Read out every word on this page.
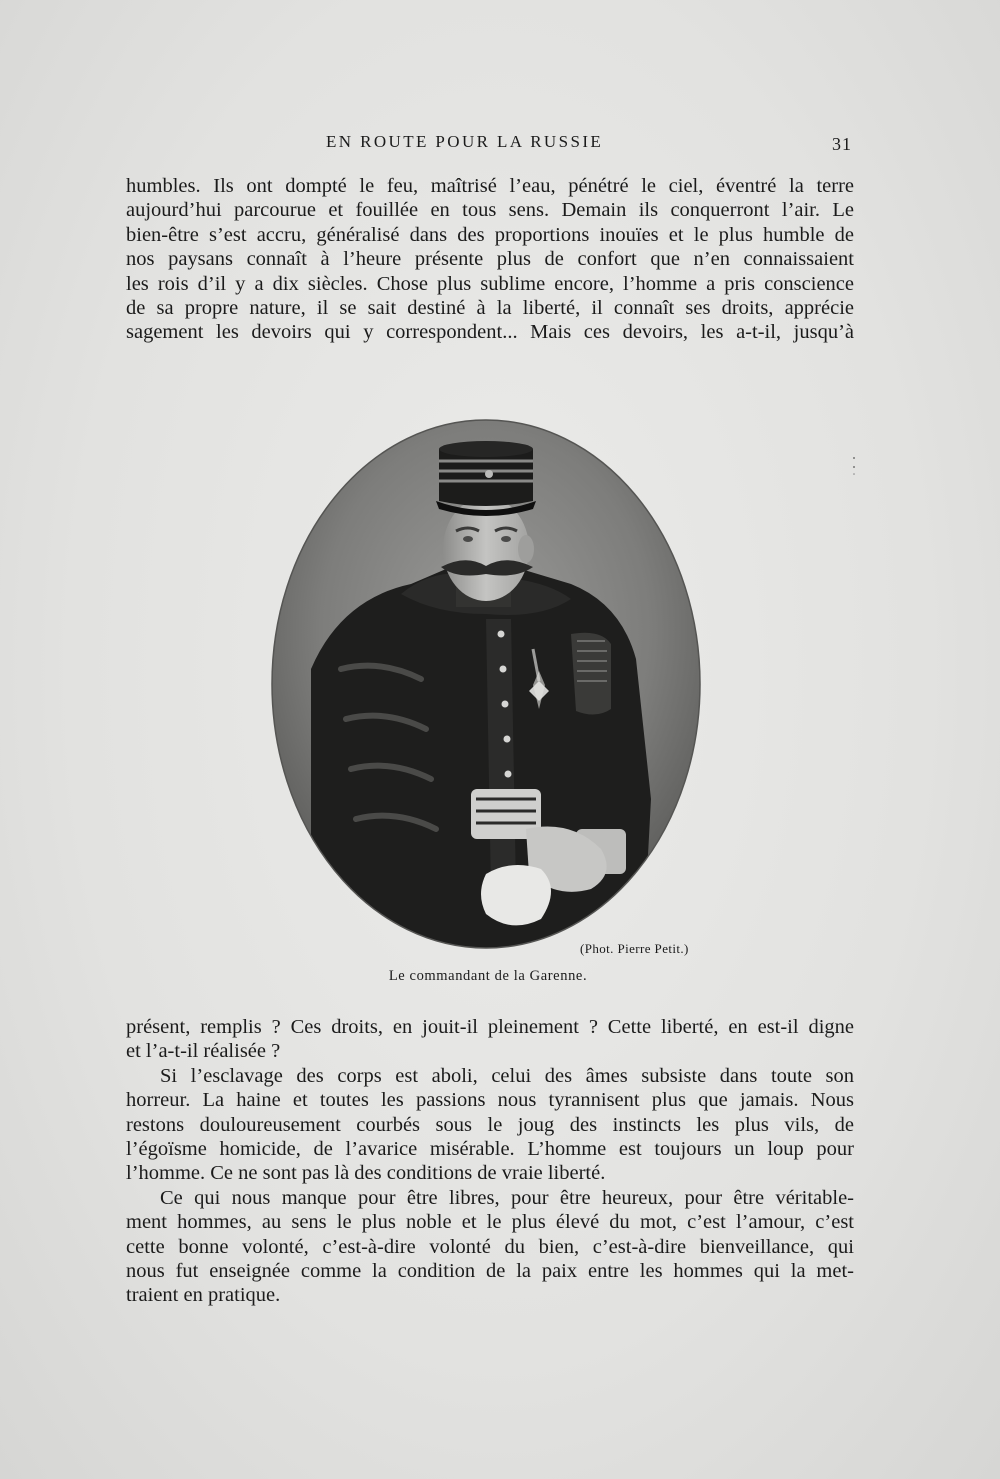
EN ROUTE POUR LA RUSSIE	31

humbles. Ils ont dompté le feu, maîtrisé l’eau, pénétré le ciel, éventré la terre

aujourd’hui parcourue et fouillée en tous sens. Demain ils conquerront l’air. Le

bien-être s’est accru, généralisé dans des proportions inouïes et le plus humble de

nos paysans connaît à l’heure présente plus de confort que n’en connaissaient

les rois d’il y a dix siècles. Chose plus sublime encore, l’homme a pris conscience

de sa propre nature, il se sait destiné à la liberté, il connaît ses droits, apprécie

sagement les devoirs qui y correspondent... Mais ces devoirs, les a-t-il, jusqu’à

(Phot. Pierre Petit.)
Le commandant de la Garenne.

présent, remplis ? Ces droits, en jouit-il pleinement ? Cette liberté, en est-il digne

et l’a-t-il réalisée ?

Si l’esclavage des corps est aboli, celui des âmes subsiste dans toute son

horreur. La haine et toutes les passions nous tyrannisent plus que jamais. Nous

restons douloureusement courbés sous le joug des instincts les plus vils, de

l’égoïsme homicide, de l’avarice misérable. L’homme est toujours un loup pour

l’homme. Ce ne sont pas là des conditions de vraie liberté.

Ce qui nous manque pour être libres, pour être heureux, pour être véritable-

ment hommes, au sens le plus noble et le plus élevé du mot, c’est l’amour, c’est

cette bonne volonté, c’est-à-dire volonté du bien, c’est-à-dire bienveillance, qui

nous fut enseignée comme la condition de la paix entre les hommes qui la met-

traient en pratique.
